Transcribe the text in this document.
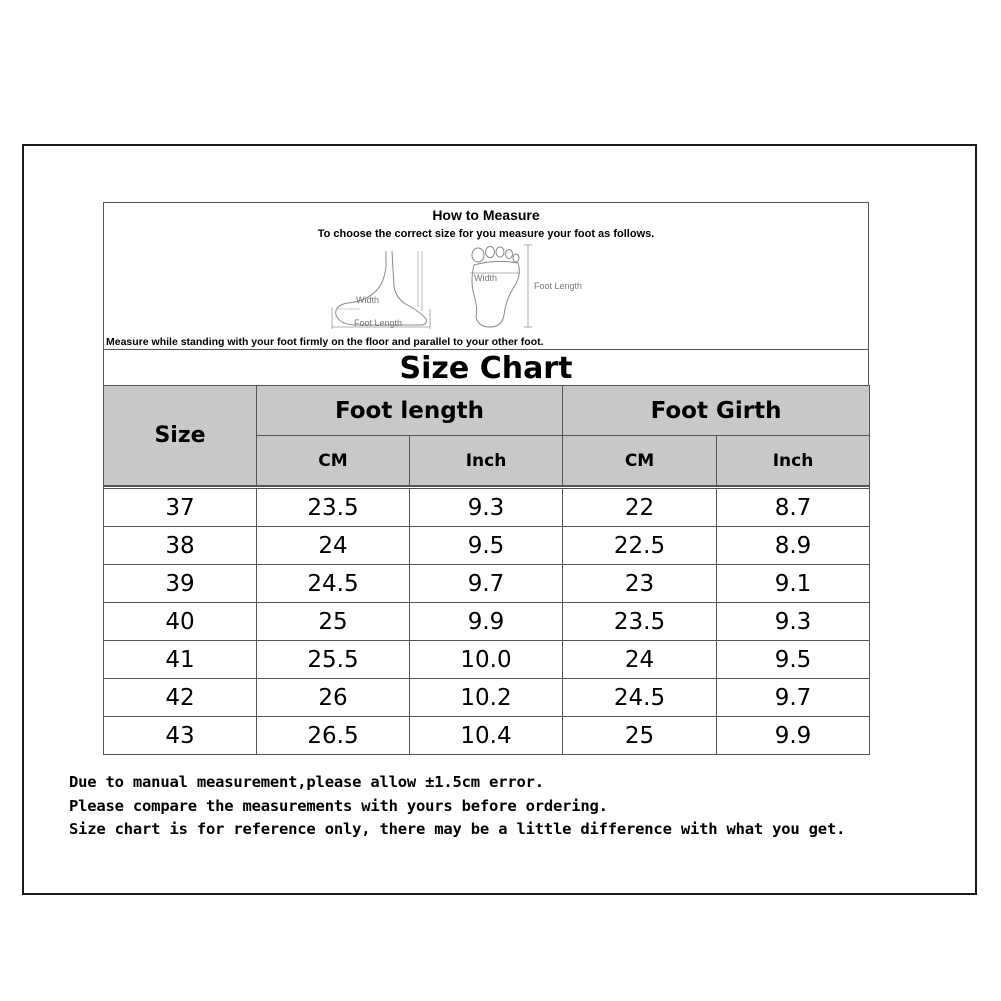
How to Measure
To choose the correct size for you measure your foot as follows.
Width
Foot Length
Width
Foot Length
Measure while standing with your foot firmly on the floor and parallel to your other foot.
Size Chart
Size	Foot length		Foot Girth	
	CM	Inch	CM	Inch

37	23.5	9.3	22	8.7
38	24	9.5	22.5	8.9
39	24.5	9.7	23	9.1
40	25	9.9	23.5	9.3
41	25.5	10.0	24	9.5
42	26	10.2	24.5	9.7
43	26.5	10.4	25	9.9
Due to manual measurement,please allow ±1.5cm error.
Please compare the measurements with yours before ordering.
Size chart is for reference only, there may be a little difference with what you get.
